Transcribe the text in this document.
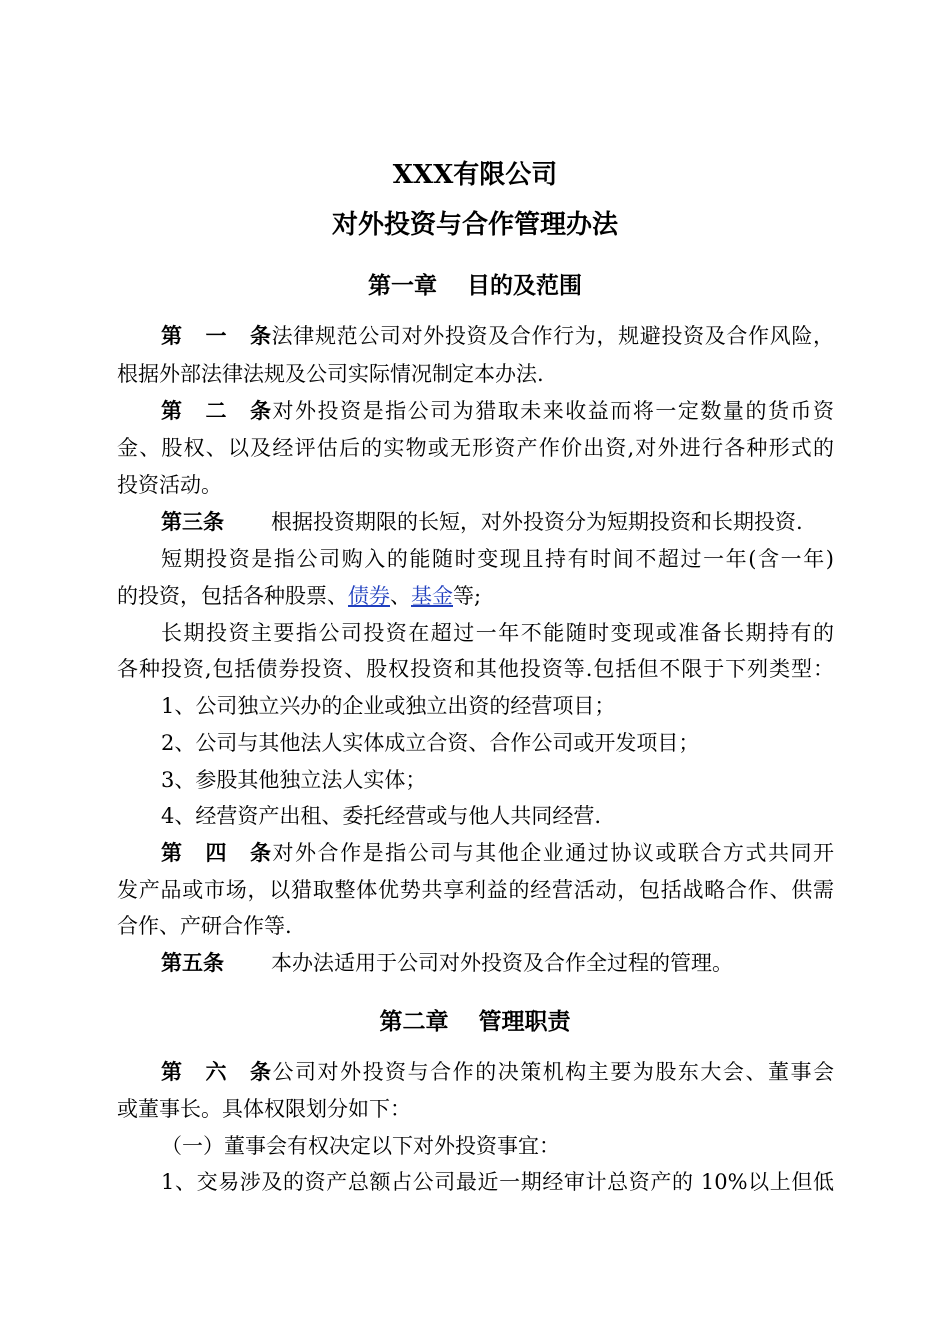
XXX有限公司
对外投资与合作管理办法
第一章 目的及范围
第一条法律规范公司对外投资及合作行为，规避投资及合作风险，
根据外部法律法规及公司实际情况制定本办法.
第二条对外投资是指公司为猎取未来收益而将一定数量的货币资
金、股权、以及经评估后的实物或无形资产作价出资,对外进行各种形式的
投资活动。
第三条 根据投资期限的长短，对外投资分为短期投资和长期投资.
短期投资是指公司购入的能随时变现且持有时间不超过一年(含一年)
的投资，包括各种股票、债券、基金等;
长期投资主要指公司投资在超过一年不能随时变现或准备长期持有的
各种投资,包括债券投资、股权投资和其他投资等.包括但不限于下列类型：
1、公司独立兴办的企业或独立出资的经营项目；
2、公司与其他法人实体成立合资、合作公司或开发项目；
3、参股其他独立法人实体；
4、经营资产出租、委托经营或与他人共同经营.
第四条对外合作是指公司与其他企业通过协议或联合方式共同开
发产品或市场，以猎取整体优势共享利益的经营活动，包括战略合作、供需
合作、产研合作等.
第五条 本办法适用于公司对外投资及合作全过程的管理。
第二章 管理职责
第六条公司对外投资与合作的决策机构主要为股东大会、董事会
或董事长。具体权限划分如下：
（一）董事会有权决定以下对外投资事宜：
1、交易涉及的资产总额占公司最近一期经审计总资产的 10%以上但低
